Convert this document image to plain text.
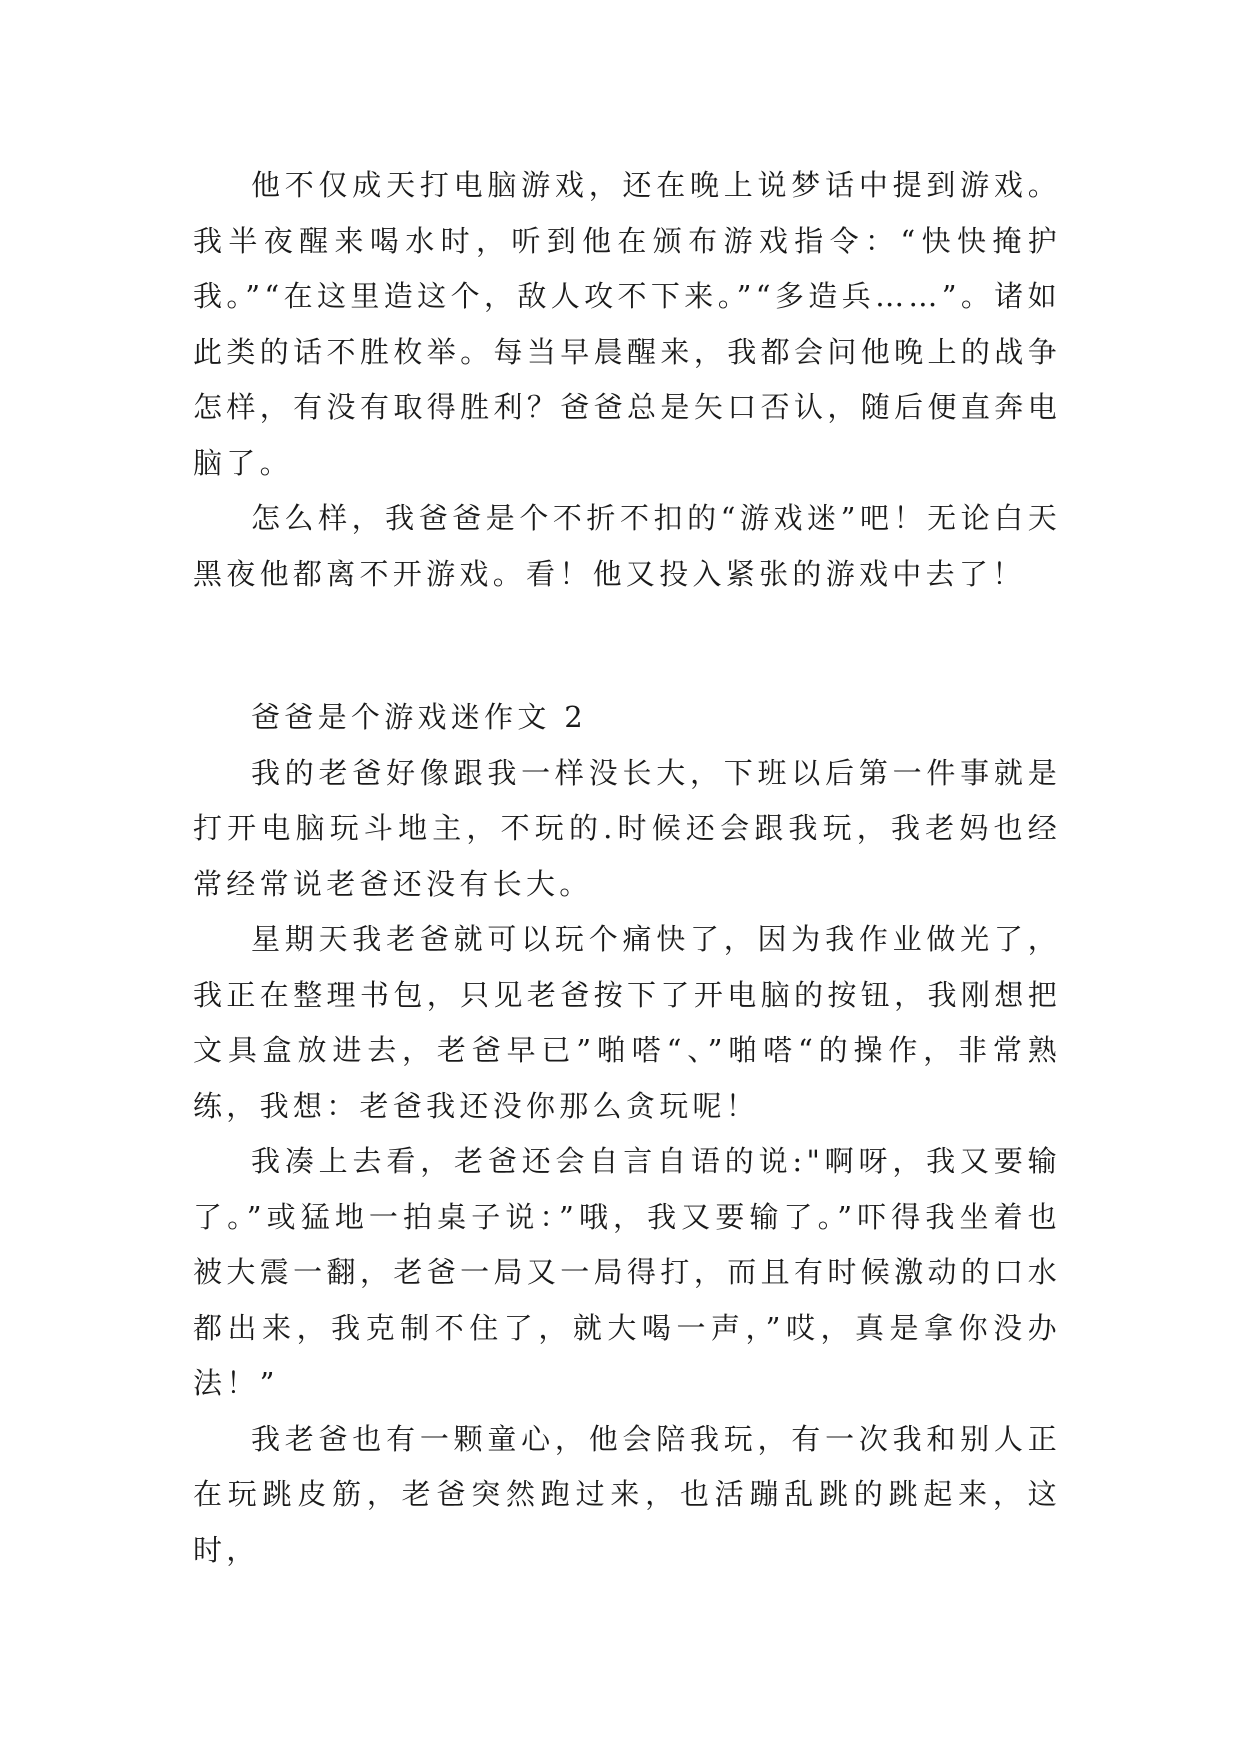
他不仅成天打电脑游戏，还在晚上说梦话中提到游戏。我半夜醒来喝水时，听到他在颁布游戏指令：“快快掩护我。”“在这里造这个，敌人攻不下来。”“多造兵……”。诸如此类的话不胜枚举。每当早晨醒来，我都会问他晚上的战争怎样，有没有取得胜利？爸爸总是矢口否认，随后便直奔电脑了。

怎么样，我爸爸是个不折不扣的“游戏迷”吧！无论白天黑夜他都离不开游戏。看！他又投入紧张的游戏中去了！

爸爸是个游戏迷作文 2

我的老爸好像跟我一样没长大，下班以后第一件事就是打开电脑玩斗地主，不玩的.时候还会跟我玩，我老妈也经常经常说老爸还没有长大。

星期天我老爸就可以玩个痛快了，因为我作业做光了，我正在整理书包，只见老爸按下了开电脑的按钮，我刚想把文具盒放进去，老爸早已”啪嗒“、”啪嗒“的操作，非常熟练，我想：老爸我还没你那么贪玩呢！

我凑上去看，老爸还会自言自语的说:"啊呀，我又要输了。”或猛地一拍桌子说：”哦，我又要输了。”吓得我坐着也被大震一翻，老爸一局又一局得打，而且有时候激动的口水都出来，我克制不住了，就大喝一声，”哎，真是拿你没办法！”

我老爸也有一颗童心，他会陪我玩，有一次我和别人正在玩跳皮筋，老爸突然跑过来，也活蹦乱跳的跳起来，这时，
